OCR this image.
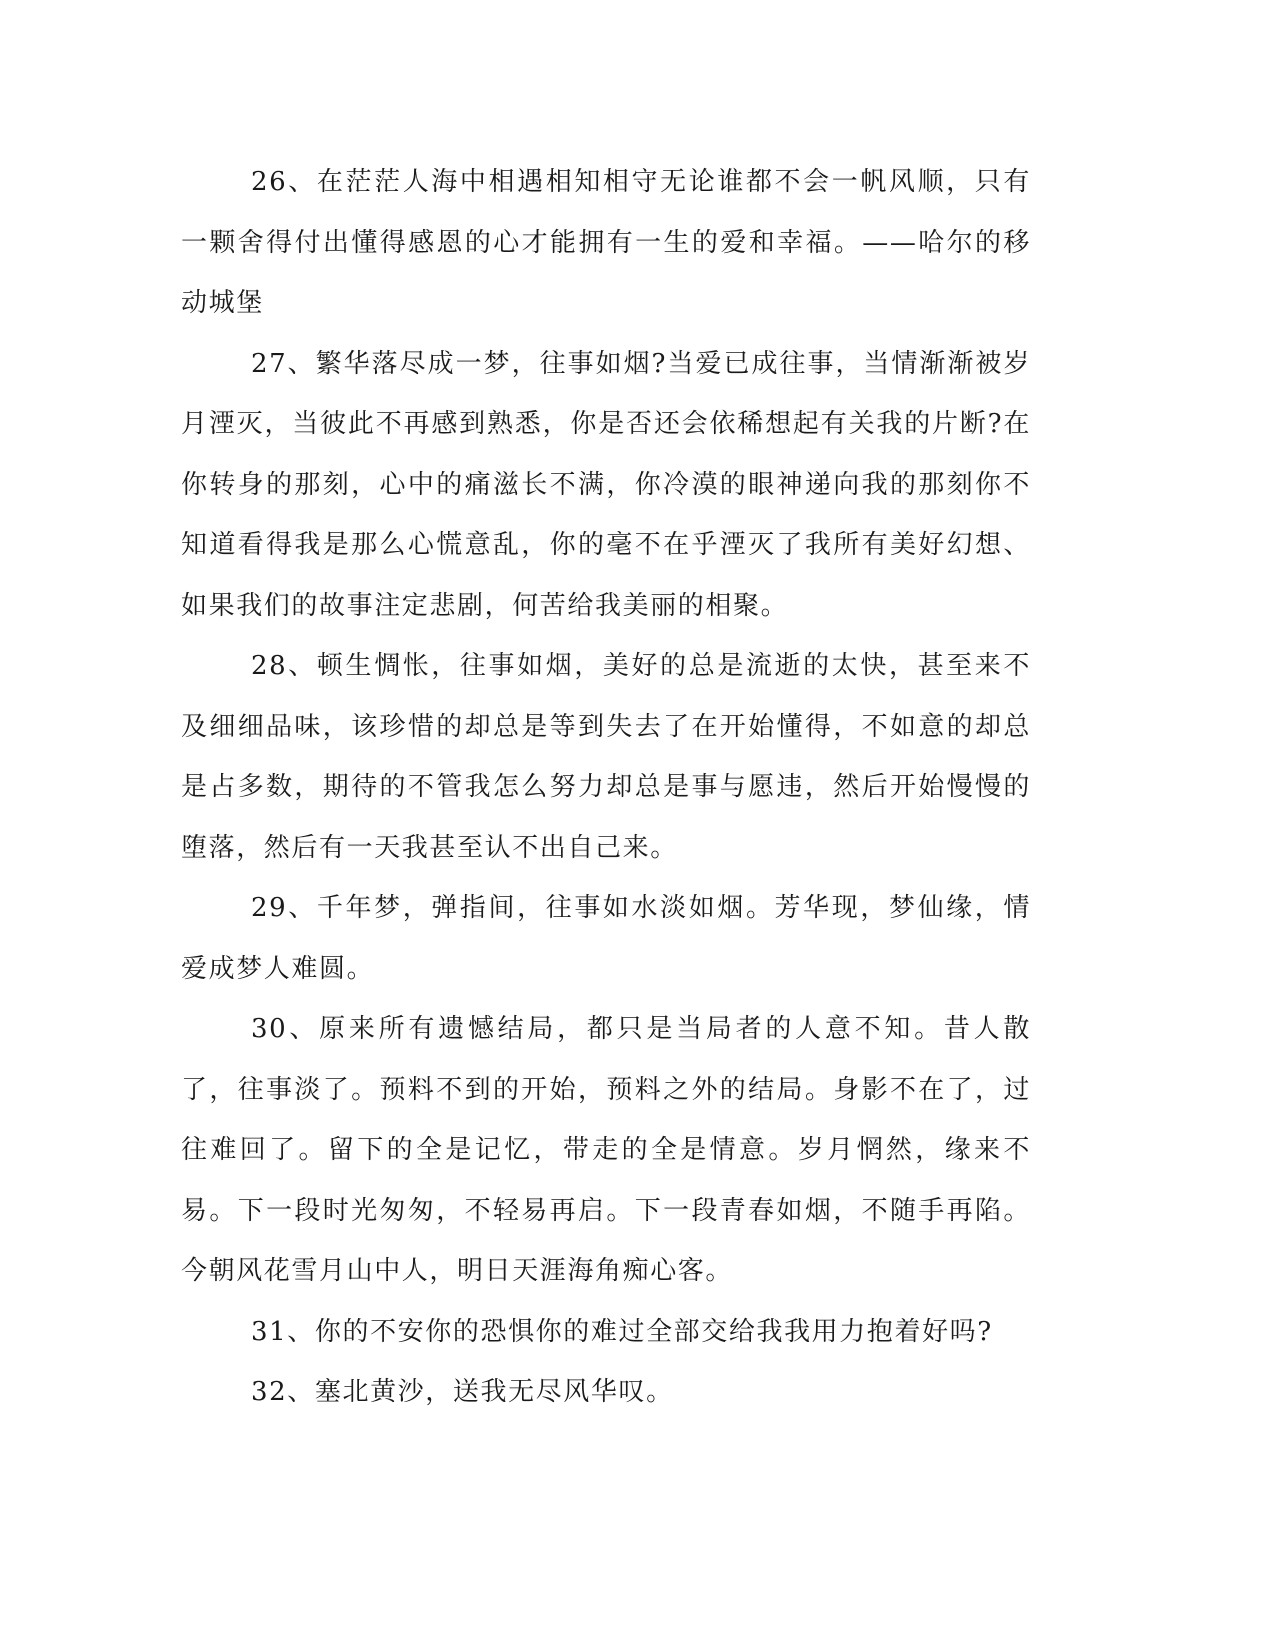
26、在茫茫人海中相遇相知相守无论谁都不会一帆风顺，只有一颗舍得付出懂得感恩的心才能拥有一生的爱和幸福。——哈尔的移动城堡

27、繁华落尽成一梦，往事如烟?当爱已成往事，当情渐渐被岁月湮灭，当彼此不再感到熟悉，你是否还会依稀想起有关我的片断?在你转身的那刻，心中的痛滋长不满，你冷漠的眼神递向我的那刻你不知道看得我是那么心慌意乱，你的毫不在乎湮灭了我所有美好幻想、如果我们的故事注定悲剧，何苦给我美丽的相聚。

28、顿生惆怅，往事如烟，美好的总是流逝的太快，甚至来不及细细品味，该珍惜的却总是等到失去了在开始懂得，不如意的却总是占多数，期待的不管我怎么努力却总是事与愿违，然后开始慢慢的堕落，然后有一天我甚至认不出自己来。

29、千年梦，弹指间，往事如水淡如烟。芳华现，梦仙缘，情爱成梦人难圆。

30、原来所有遗憾结局，都只是当局者的人意不知。昔人散了，往事淡了。预料不到的开始，预料之外的结局。身影不在了，过往难回了。留下的全是记忆，带走的全是情意。岁月惘然，缘来不易。下一段时光匆匆，不轻易再启。下一段青春如烟，不随手再陷。今朝风花雪月山中人，明日天涯海角痴心客。

31、你的不安你的恐惧你的难过全部交给我我用力抱着好吗?

32、塞北黄沙，送我无尽风华叹。
